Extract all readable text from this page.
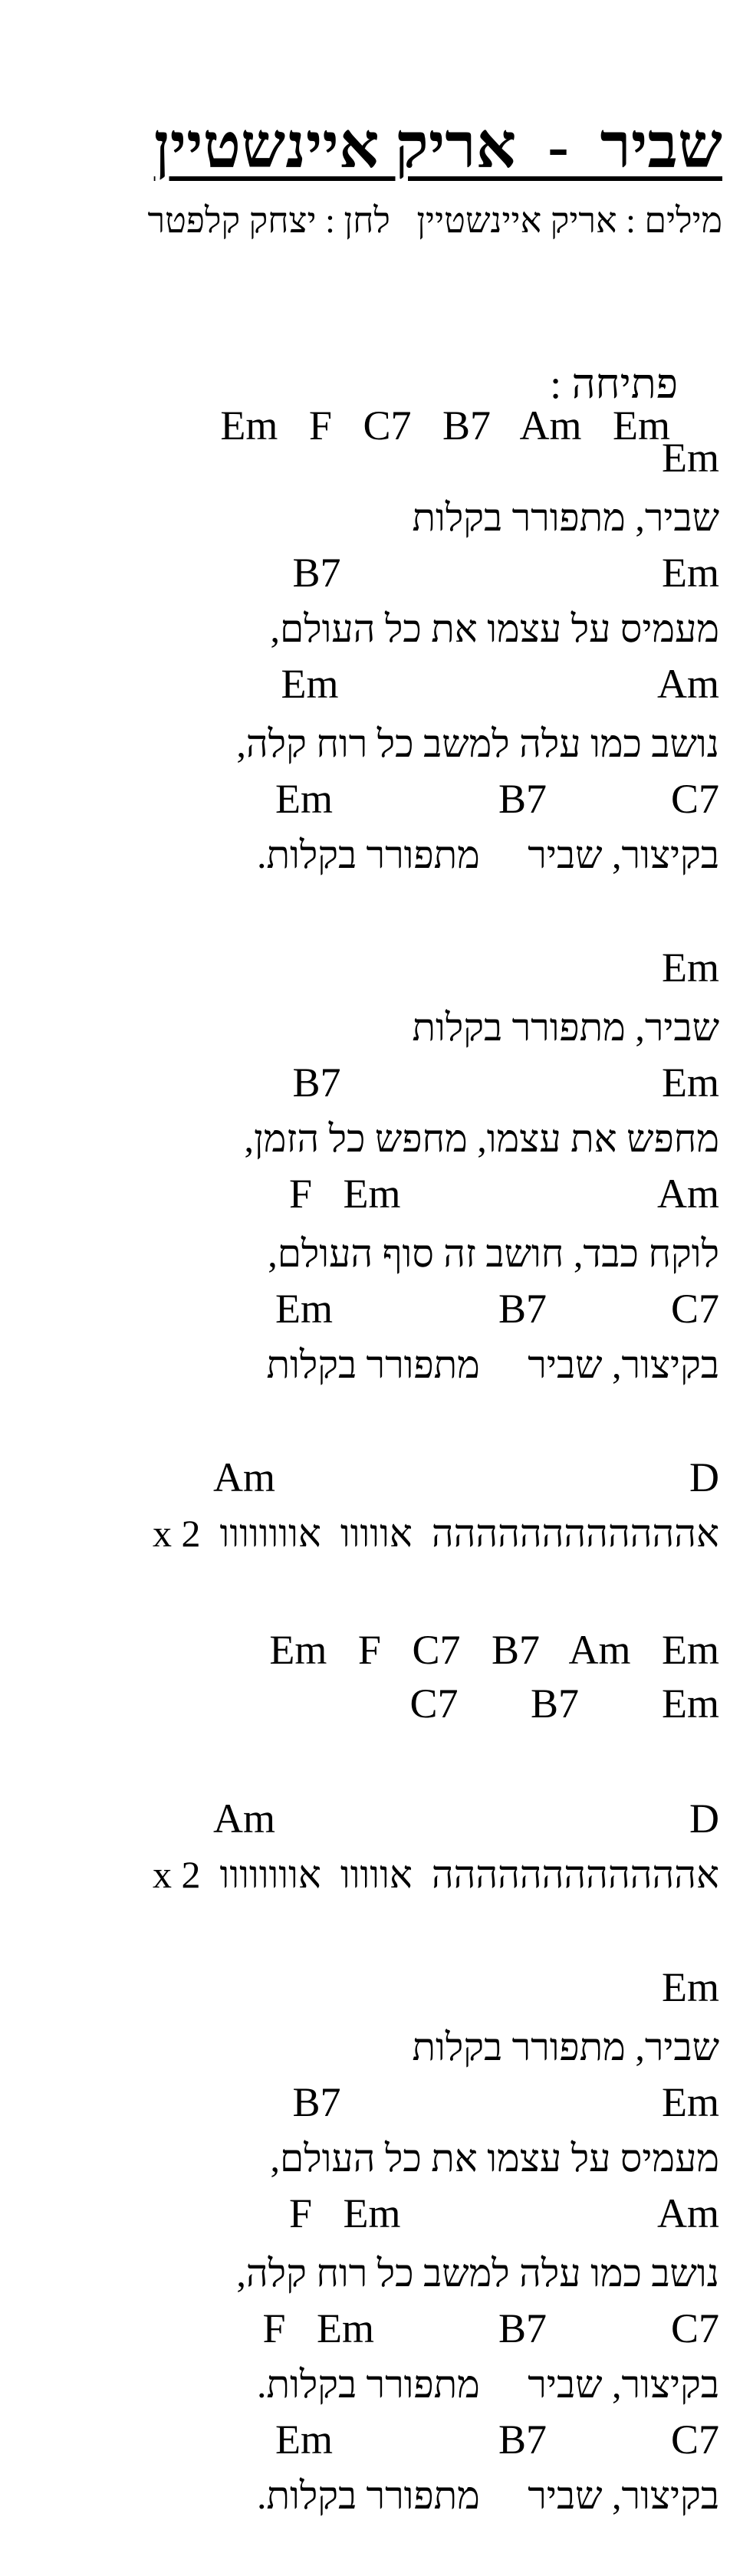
שביר  -  אריק איינשטיין
מילים : אריק איינשטיין   לחן : יצחק קלפטר

פתיחה :
Em   F   C7   B7   Am   Em

Em
שביר, מתפורר בקלות
B7                               Em
מעמיס על עצמו את כל העולם,
Em                               Am
נושב כמו עלה למשב כל רוח קלה,
Em                B7            C7
בקיצור, שביר     מתפורר בקלות.
Em
שביר, מתפורר בקלות
B7                               Em
מחפש את עצמו, מחפש כל הזמן,
F   Em                         Am
לוקח כבד, חושב זה סוף העולם,
Em                B7            C7
בקיצור, שביר     מתפורר בקלות
Am                                        D
אהההההההההההה  אווווו  אוווווווו  x 2
Em   F   C7   B7   Am   Em
C7       B7        Em
Am                                        D
אהההההההההההה  אווווו  אוווווווו  x 2
Em
שביר, מתפורר בקלות
B7                               Em
מעמיס על עצמו את כל העולם,
F   Em                         Am
נושב כמו עלה למשב כל רוח קלה,
F   Em            B7            C7
בקיצור, שביר     מתפורר בקלות.
Em                B7            C7
בקיצור, שביר     מתפורר בקלות.
